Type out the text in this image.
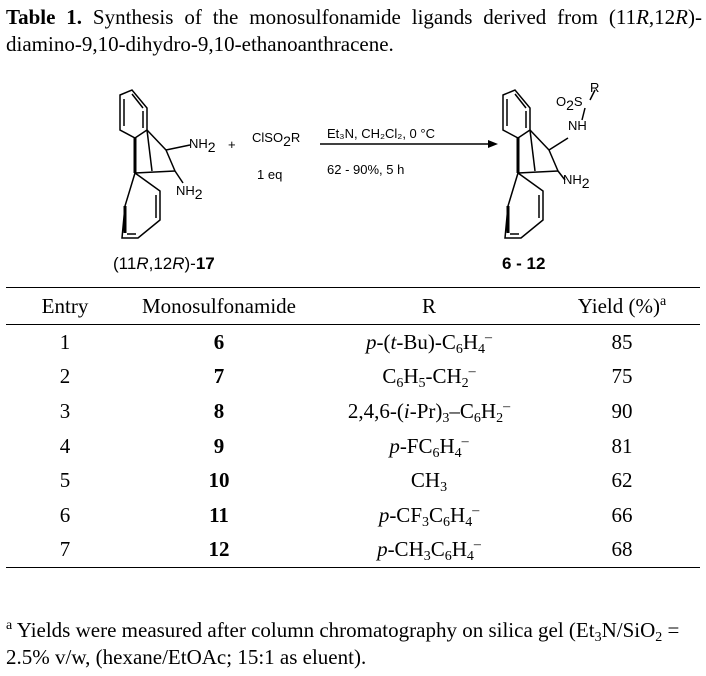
Table 1. Synthesis of the monosulfonamide ligands derived from (11R,12R)-diamino-9,10-dihydro-9,10-ethanoanthracene.
$NH_2$
$NH_2$
+ ClSO$_2$R
1 eq
Et₃N, CH₂Cl₂, 0 °C
62 - 90%, 5 h
R
$O_2S$
NH
$NH_2$
(11R,12R)-17	6 - 12
Entry	Monosulfonamide	R	Yield (%)$^a$
1	6	$p-(t-Bu)-C_6H_4^-$	85
2	7	$C_6H_5-CH_2^-$	75
3	8	$2,4,6-(i-Pr)_3-C_6H_2^-$	90
4	9	$p-FC_6H_4^-$	81
5	10	$CH_3$	62
6	11	$p-CF_3C_6H_4^-$	66
7	12	$p-CH_3C_6H_4^-$	68
$^a$ Yields were measured after column chromatography on silica gel ($Et_3N/SiO_2 = 2.5\%$ v/w, (hexane/EtOAc; 15:1 as eluent).
